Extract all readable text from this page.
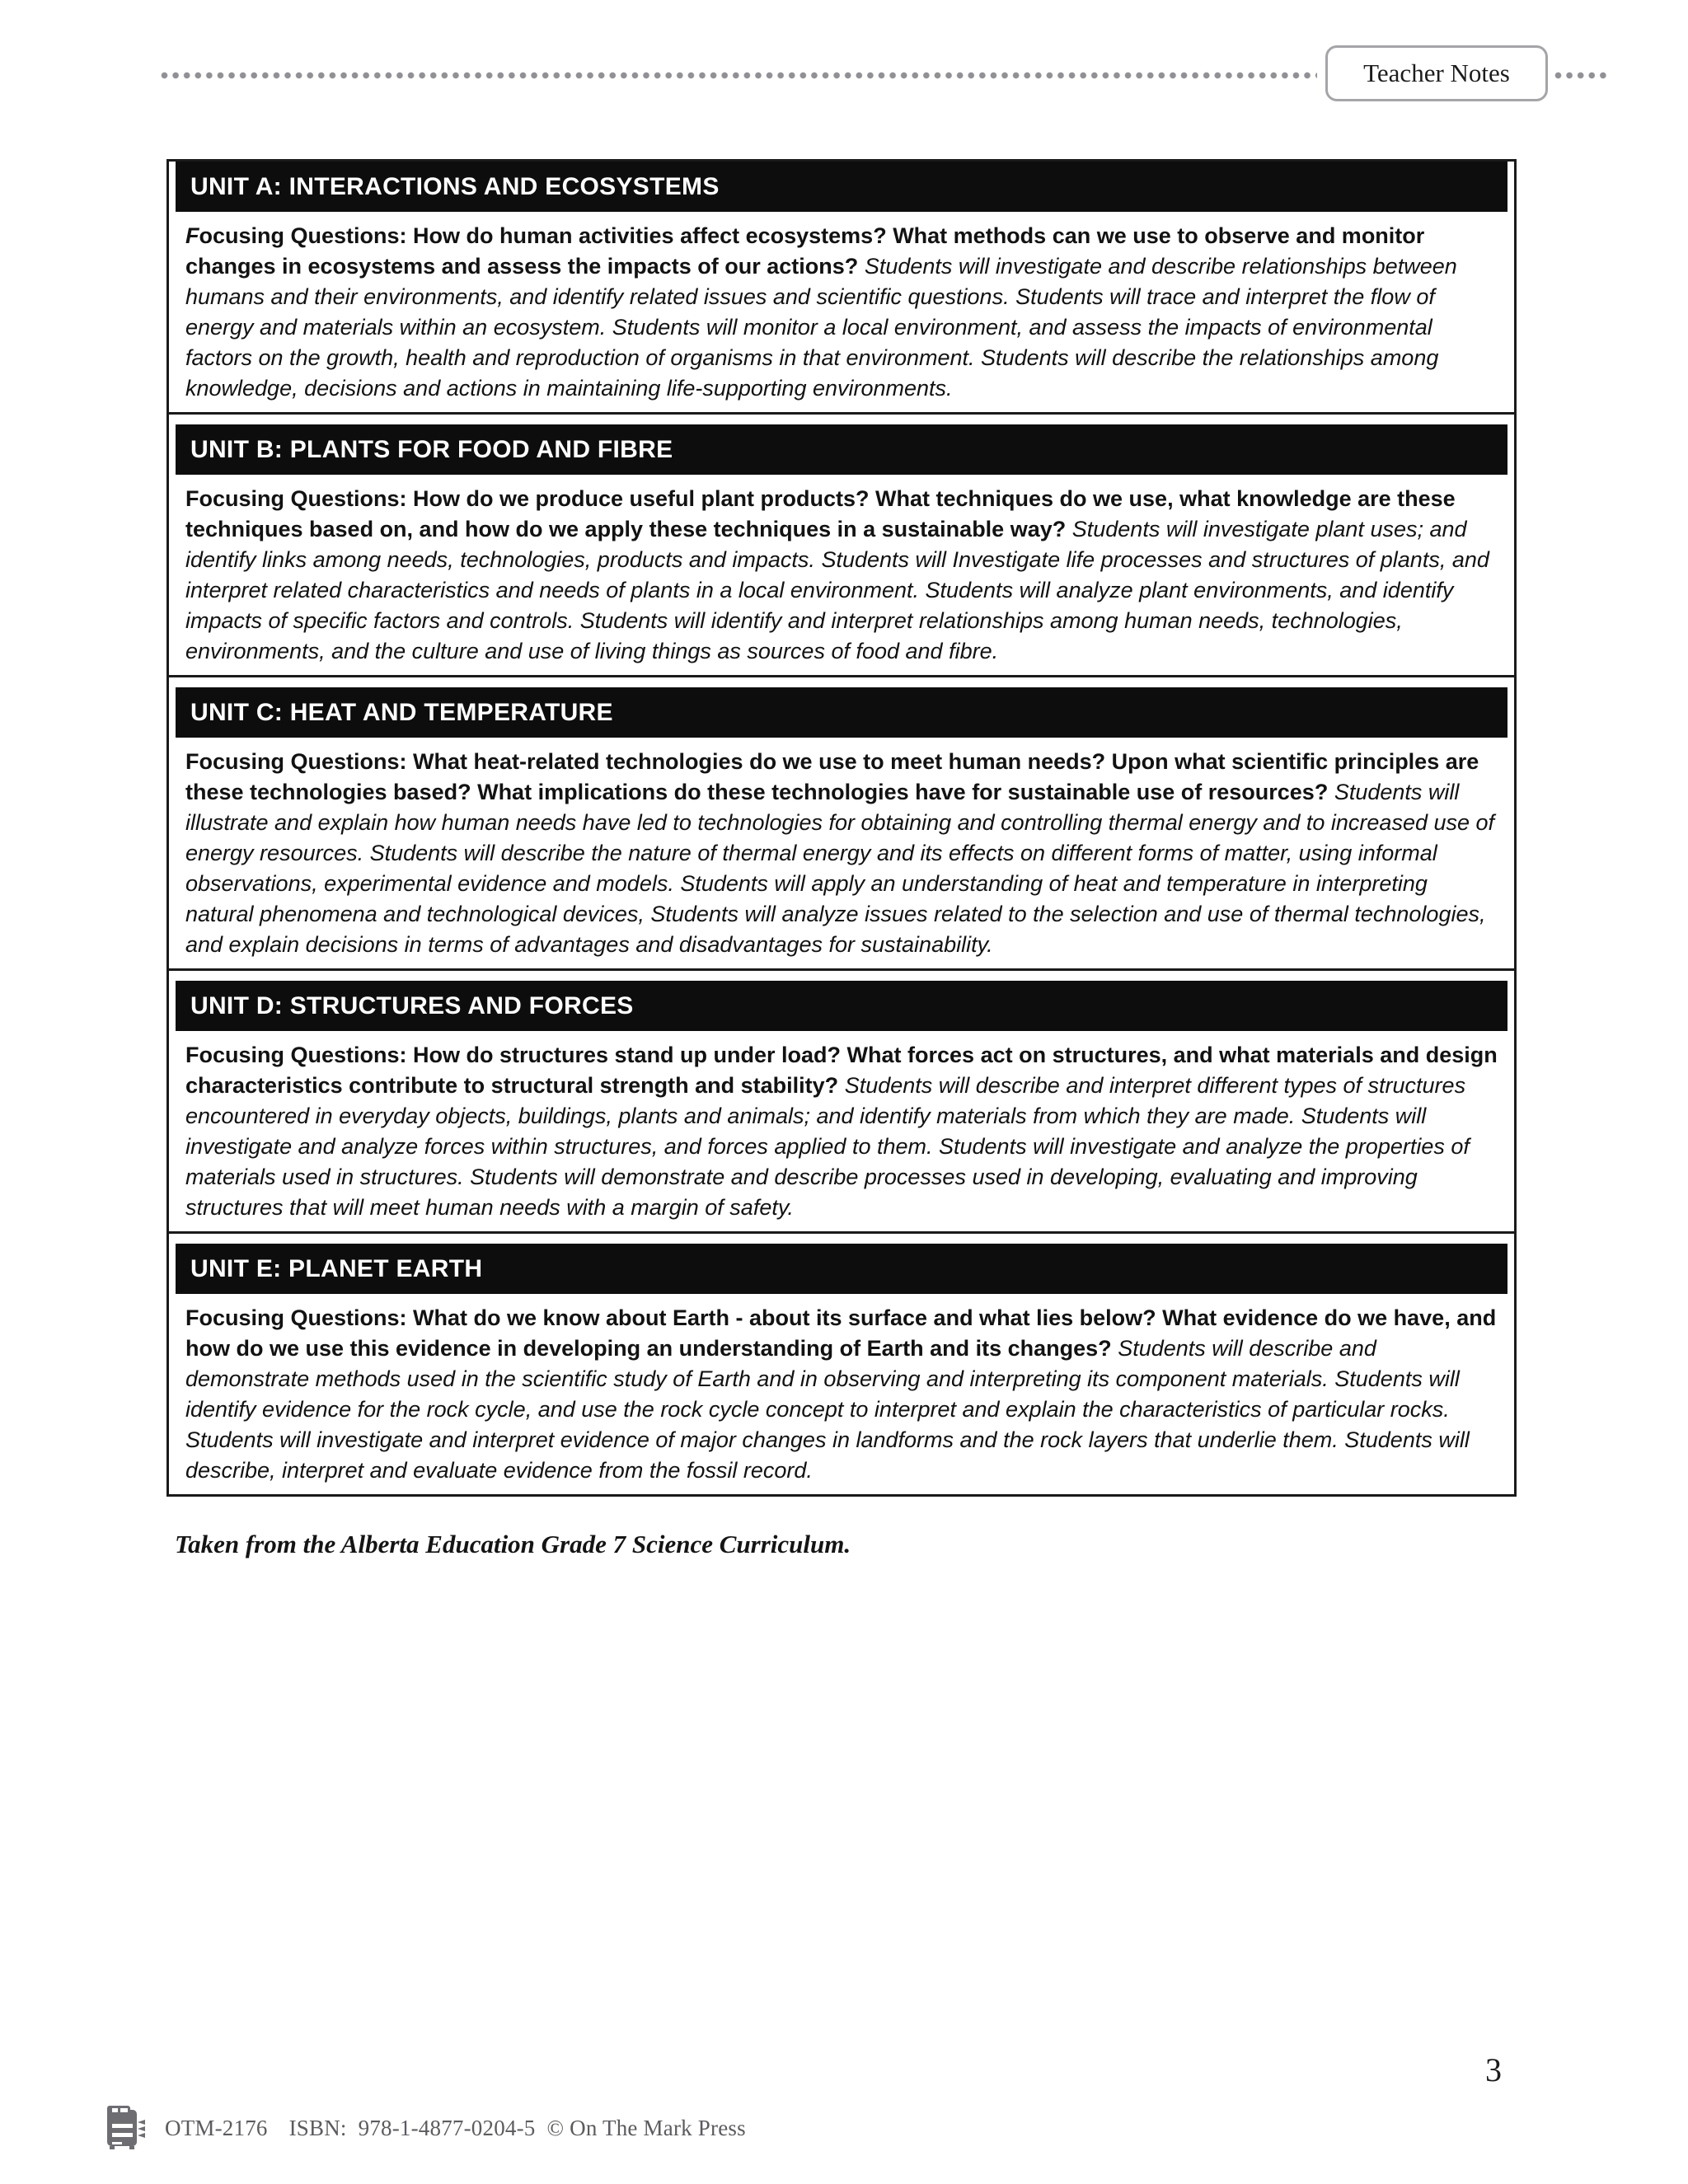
Teacher Notes
UNIT A: INTERACTIONS AND ECOSYSTEMS
Focusing Questions: How do human activities affect ecosystems? What methods can we use to observe and monitor changes in ecosystems and assess the impacts of our actions? Students will investigate and describe relationships between humans and their environments, and identify related issues and scientific questions. Students will trace and interpret the flow of energy and materials within an ecosystem. Students will monitor a local environment, and assess the impacts of environmental factors on the growth, health and reproduction of organisms in that environment. Students will describe the relationships among knowledge, decisions and actions in maintaining life-supporting environments.
UNIT B: PLANTS FOR FOOD AND FIBRE
Focusing Questions: How do we produce useful plant products? What techniques do we use, what knowledge are these techniques based on, and how do we apply these techniques in a sustainable way? Students will investigate plant uses; and identify links among needs, technologies, products and impacts. Students will Investigate life processes and structures of plants, and interpret related characteristics and needs of plants in a local environment. Students will analyze plant environments, and identify impacts of specific factors and controls. Students will identify and interpret relationships among human needs, technologies, environments, and the culture and use of living things as sources of food and fibre.
UNIT C: HEAT AND TEMPERATURE
Focusing Questions: What heat-related technologies do we use to meet human needs? Upon what scientific principles are these technologies based? What implications do these technologies have for sustainable use of resources? Students will illustrate and explain how human needs have led to technologies for obtaining and controlling thermal energy and to increased use of energy resources. Students will describe the nature of thermal energy and its effects on different forms of matter, using informal observations, experimental evidence and models. Students will apply an understanding of heat and temperature in interpreting natural phenomena and technological devices, Students will analyze issues related to the selection and use of thermal technologies, and explain decisions in terms of advantages and disadvantages for sustainability.
UNIT D: STRUCTURES AND FORCES
Focusing Questions: How do structures stand up under load? What forces act on structures, and what materials and design characteristics contribute to structural strength and stability? Students will describe and interpret different types of structures encountered in everyday objects, buildings, plants and animals; and identify materials from which they are made. Students will investigate and analyze forces within structures, and forces applied to them. Students will investigate and analyze the properties of materials used in structures. Students will demonstrate and describe processes used in developing, evaluating and improving structures that will meet human needs with a margin of safety.
UNIT E: PLANET EARTH
Focusing Questions: What do we know about Earth - about its surface and what lies below? What evidence do we have, and how do we use this evidence in developing an understanding of Earth and its changes? Students will describe and demonstrate methods used in the scientific study of Earth and in observing and interpreting its component materials. Students will identify evidence for the rock cycle, and use the rock cycle concept to interpret and explain the characteristics of particular rocks. Students will investigate and interpret evidence of major changes in landforms and the rock layers that underlie them. Students will describe, interpret and evaluate evidence from the fossil record.

Taken from the Alberta Education Grade 7 Science Curriculum.

OTM-2176 ISBN: 978-1-4877-0204-5 © On The Mark Press
3
